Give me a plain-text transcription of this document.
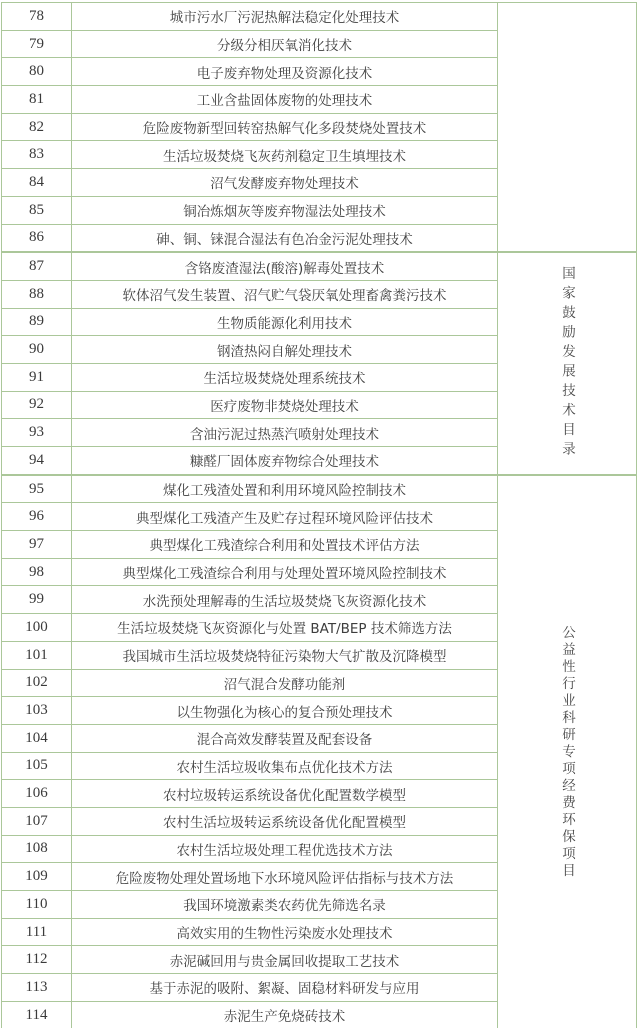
78	城市污水厂污泥热解法稳定化处理技术	

79	分级分相厌氧消化技术	
80	电子废弃物处理及资源化技术	
81	工业含盐固体废物的处理技术	
82	危险废物新型回转窑热解气化多段焚烧处置技术	
83	生活垃圾焚烧飞灰药剂稳定卫生填埋技术	
84	沼气发酵废弃物处理技术	
85	铜冶炼烟灰等废弃物湿法处理技术	
86	砷、铜、铼混合湿法有色冶金污泥处理技术	
87	含铬废渣湿法(酸溶)解毒处置技术	国家鼓励发展技术目录

88	软体沼气发生装置、沼气贮气袋厌氧处理畜禽粪污技术	
89	生物质能源化利用技术	
90	钢渣热闷自解处理技术	
91	生活垃圾焚烧处理系统技术	
92	医疗废物非焚烧处理技术	
93	含油污泥过热蒸汽喷射处理技术	
94	糠醛厂固体废弃物综合处理技术	
95	煤化工残渣处置和利用环境风险控制技术	公益性行业科研专项经费环保项目

96	典型煤化工残渣产生及贮存过程环境风险评估技术	
97	典型煤化工残渣综合利用和处置技术评估方法	
98	典型煤化工残渣综合利用与处理处置环境风险控制技术	
99	水洗预处理解毒的生活垃圾焚烧飞灰资源化技术	
100	生活垃圾焚烧飞灰资源化与处置 BAT/BEP 技术筛选方法	
101	我国城市生活垃圾焚烧特征污染物大气扩散及沉降模型	
102	沼气混合发酵功能剂	
103	以生物强化为核心的复合预处理技术	
104	混合高效发酵装置及配套设备	
105	农村生活垃圾收集布点优化技术方法	
106	农村垃圾转运系统设备优化配置数学模型	
107	农村生活垃圾转运系统设备优化配置模型	
108	农村生活垃圾处理工程优选技术方法	
109	危险废物处理处置场地下水环境风险评估指标与技术方法	
110	我国环境激素类农药优先筛选名录	
111	高效实用的生物性污染废水处理技术	
112	赤泥碱回用与贵金属回收提取工艺技术	
113	基于赤泥的吸附、絮凝、固稳材料研发与应用	
114	赤泥生产免烧砖技术	
